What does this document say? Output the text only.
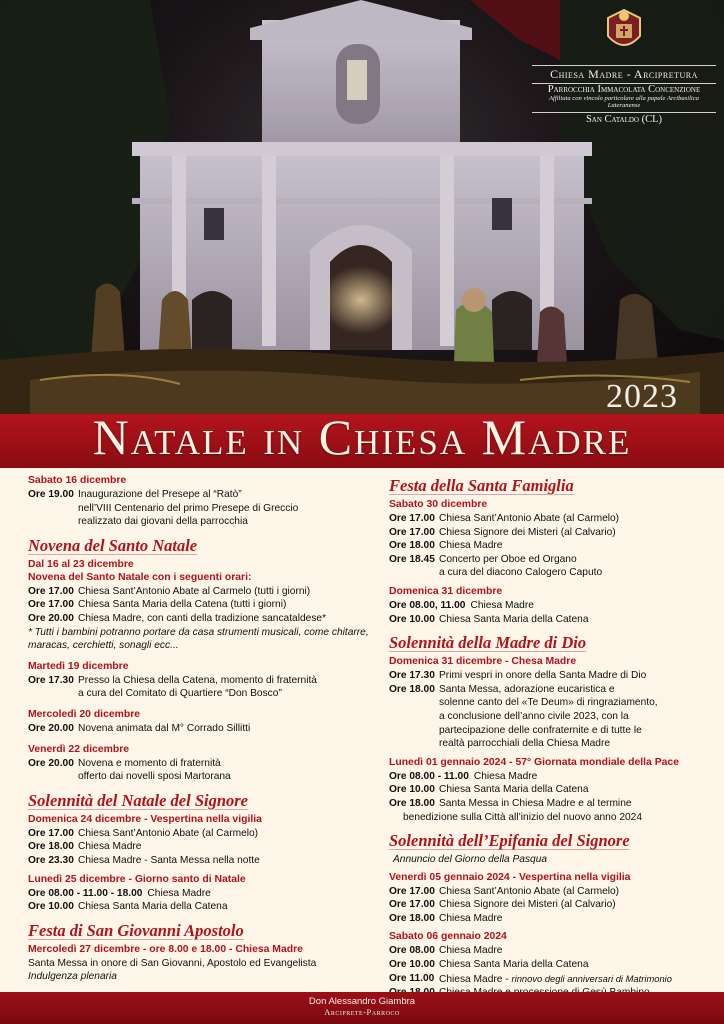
2023
Natale in Chiesa Madre
Chiesa Madre - Arcipretura
Parrocchia Immacolata Concenzione
Affiliata con vincolo particolare alla papale Arcibasilica Lateranense
San Cataldo (CL)
Sabato 16 dicembre
Ore 19.00 Inaugurazione del Presepe al “Ratò”
nell’VIII Centenario del primo Presepe di Greccio
realizzato dai giovani della parrocchia
Novena del Santo Natale
Dal 16 al 23 dicembre
Novena del Santo Natale con i seguenti orari:
Ore 17.00 Chiesa Sant’Antonio Abate al Carmelo (tutti i giorni)
Ore 17.00 Chiesa Santa Maria della Catena (tutti i giorni)
Ore 20.00 Chiesa Madre, con canti della tradizione sancataldese*
* Tutti i bambini potranno portare da casa strumenti musicali, come chitarre, maracas, cerchietti, sonagli ecc...
Martedì 19 dicembre
Ore 17.30 Presso la Chiesa della Catena, momento di fraternità
a cura del Comitato di Quartiere “Don Bosco”
Mercoledì 20 dicembre
Ore 20.00 Novena animata dal M° Corrado Sillitti
Venerdì 22 dicembre
Ore 20.00 Novena e momento di fraternità
offerto dai novelli sposi Martorana
Solennità del Natale del Signore
Domenica 24 dicembre - Vespertina nella vigilia
Ore 17.00 Chiesa Sant’Antonio Abate (al Carmelo)
Ore 18.00 Chiesa Madre
Ore 23.30 Chiesa Madre - Santa Messa nella notte
Lunedì 25 dicembre - Giorno santo di Natale
Ore 08.00 - 11.00 - 18.00 Chiesa Madre
Ore 10.00 Chiesa Santa Maria della Catena
Festa di San Giovanni Apostolo
Mercoledì 27 dicembre - ore 8.00 e 18.00 - Chiesa Madre
Santa Messa in onore di San Giovanni, Apostolo ed Evangelista
Indulgenza plenaria
Festa della Santa Famiglia
Sabato 30 dicembre
Ore 17.00 Chiesa Sant’Antonio Abate (al Carmelo)
Ore 17.00 Chiesa Signore dei Misteri (al Calvario)
Ore 18.00 Chiesa Madre
Ore 18.45 Concerto per Oboe ed Organo
a cura del diacono Calogero Caputo
Domenica 31 dicembre
Ore 08.00, 11.00 Chiesa Madre
Ore 10.00 Chiesa Santa Maria della Catena
Solennità della Madre di Dio
Domenica 31 dicembre - Chesa Madre
Ore 17.30 Primi vespri in onore della Santa Madre di Dio
Ore 18.00 Santa Messa, adorazione eucaristica e
solenne canto del «Te Deum» di ringraziamento,
a conclusione dell’anno civile 2023, con la
partecipazione delle confraternite e di tutte le
realtà parrocchiali della Chiesa Madre
Lunedì 01 gennaio 2024 - 57° Giornata mondiale della Pace
Ore 08.00 - 11.00 Chiesa Madre
Ore 10.00 Chiesa Santa Maria della Catena
Ore 18.00 Santa Messa in Chiesa Madre e al termine
benedizione sulla Città all’inizio del nuovo anno 2024
Solennità dell’Epifania del Signore
Annuncio del Giorno della Pasqua
Venerdì 05 gennaio 2024 - Vespertina nella vigilia
Ore 17.00 Chiesa Sant’Antonio Abate (al Carmelo)
Ore 17.00 Chiesa Signore dei Misteri (al Calvario)
Ore 18.00 Chiesa Madre
Sabato 06 gennaio 2024
Ore 08.00 Chiesa Madre
Ore 10.00 Chiesa Santa Maria della Catena
Ore 11.00 Chiesa Madre - rinnovo degli anniversari di Matrimonio
Don Alessandro Giambra
Arciprete-Parroco
